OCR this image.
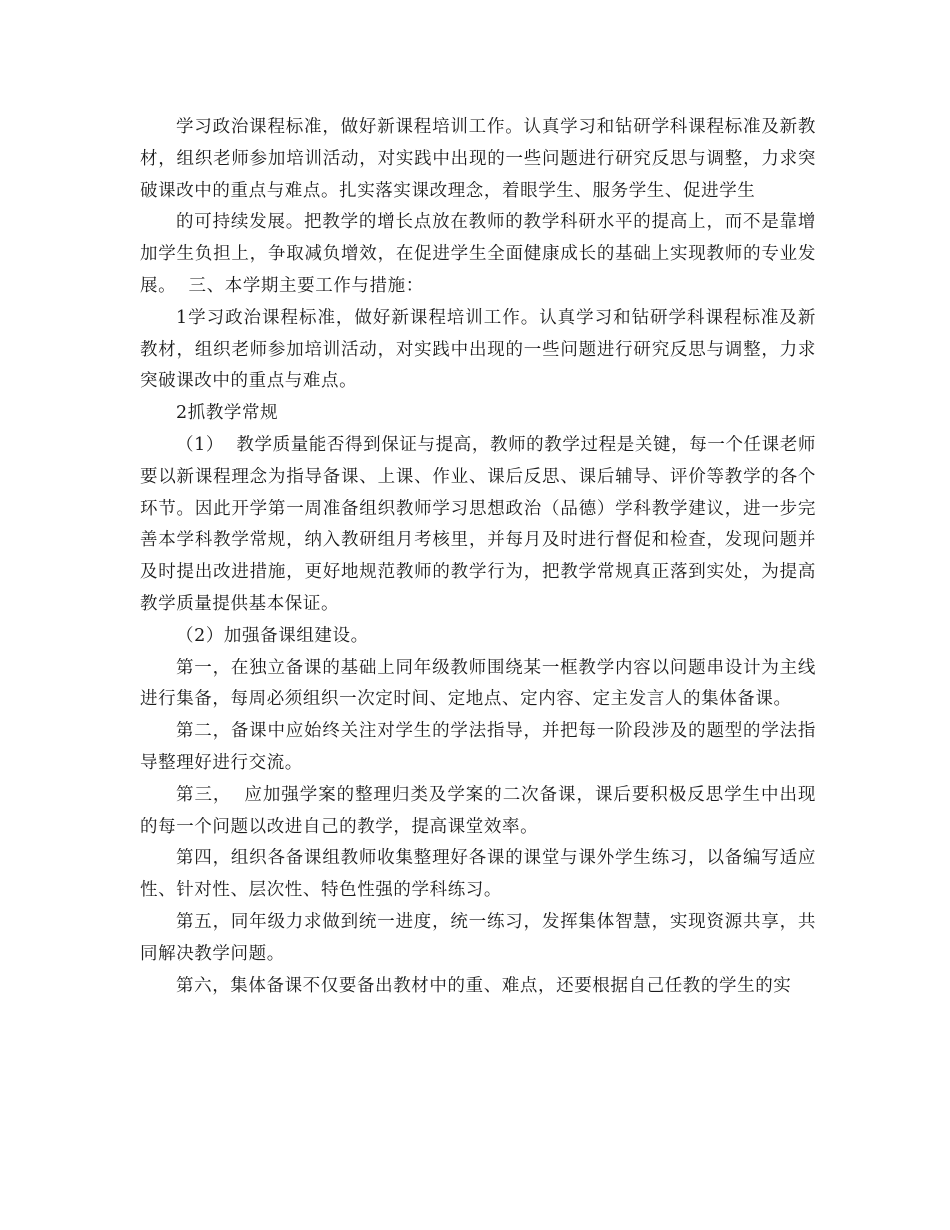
学习政治课程标准，做好新课程培训工作。认真学习和钻研学科课程标准及新教材，组织老师参加培训活动，对实践中出现的一些问题进行研究反思与调整，力求突破课改中的重点与难点。扎实落实课改理念，着眼学生、服务学生、促进学生

的可持续发展。把教学的增长点放在教师的教学科研水平的提高上，而不是靠增加学生负担上，争取减负增效，在促进学生全面健康成长的基础上实现教师的专业发展。 三、本学期主要工作与措施：

1学习政治课程标准，做好新课程培训工作。认真学习和钻研学科课程标准及新教材，组织老师参加培训活动，对实践中出现的一些问题进行研究反思与调整，力求突破课改中的重点与难点。

2抓教学常规

（1） 教学质量能否得到保证与提高，教师的教学过程是关键，每一个任课老师要以新课程理念为指导备课、上课、作业、课后反思、课后辅导、评价等教学的各个环节。因此开学第一周准备组织教师学习思想政治（品德）学科教学建议，进一步完善本学科教学常规，纳入教研组月考核里，并每月及时进行督促和检查，发现问题并及时提出改进措施，更好地规范教师的教学行为，把教学常规真正落到实处，为提高教学质量提供基本保证。

（2）加强备课组建设。

第一，在独立备课的基础上同年级教师围绕某一框教学内容以问题串设计为主线进行集备，每周必须组织一次定时间、定地点、定内容、定主发言人的集体备课。

第二，备课中应始终关注对学生的学法指导，并把每一阶段涉及的题型的学法指导整理好进行交流。

第三， 应加强学案的整理归类及学案的二次备课，课后要积极反思学生中出现的每一个问题以改进自己的教学，提高课堂效率。

第四，组织各备课组教师收集整理好各课的课堂与课外学生练习，以备编写适应性、针对性、层次性、特色性强的学科练习。

第五，同年级力求做到统一进度，统一练习，发挥集体智慧，实现资源共享，共同解决教学问题。

第六，集体备课不仅要备出教材中的重、难点，还要根据自己任教的学生的实
